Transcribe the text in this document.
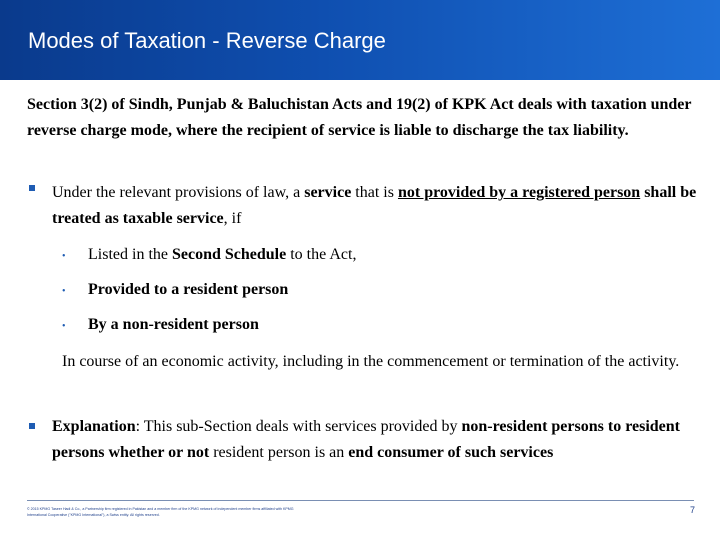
Modes of Taxation - Reverse Charge
Section 3(2) of Sindh, Punjab & Baluchistan Acts and 19(2) of KPK Act deals with taxation under reverse charge mode, where the recipient of service is liable to discharge the tax liability.
Under the relevant provisions of law, a service that is not provided by a registered person shall be treated as taxable service, if
• Listed in the Second Schedule to the Act,
• Provided to a resident person
• By a non-resident person
In course of an economic activity, including in the commencement or termination of the activity.
Explanation: This sub-Section deals with services provided by non-resident persons to resident persons whether or not resident person is an end consumer of such services
© 2015 KPMG Taseer Hadi & Co., a Partnership firm registered in Pakistan and a member firm of the KPMG network of independent member firms affiliated with KPMG International Cooperative ("KPMG International"), a Swiss entity. All rights reserved.	7
